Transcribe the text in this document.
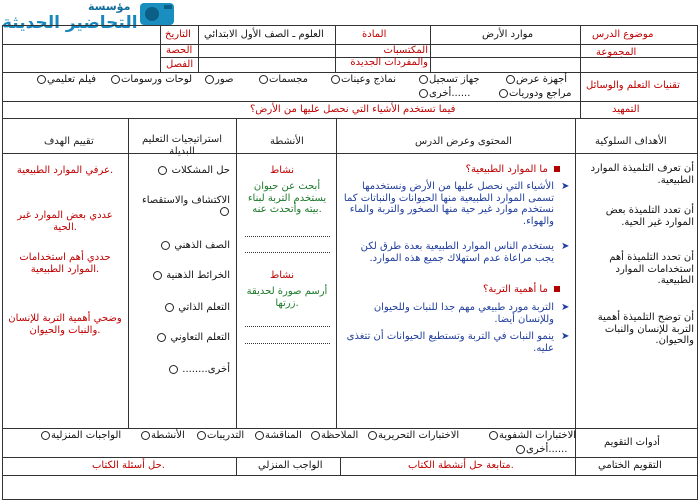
مؤسسة
التحاضير الحديثة
موضوع الدرس
موارد الأرض
المادة
العلوم ـ الصف الأول الابتدائي
التاريخ
المجموعة
المكتسبات والمفردات الجديدة
الحصة
الفصل
تقنيات التعلم والوسائل
أجهزة عرض
جهاز تسجيل
نماذج وعينات
مجسمات
صور
لوحات ورسومات
فيلم تعليمي
مراجع ودوريات
أخرى......
التمهيد
فيما تستخدم الأشياء التي نحصل عليها من الأرض؟
الأهداف السلوكية
المحتوى وعرض الدرس
الأنشطة
استراتيجيات التعليم البديلة
تقييم الهدف
أن تعرف التلميذة الموارد الطبيعية.
أن تعدد التلميذة بعض الموارد غير الحية.
أن تحدد التلميذة أهم استخدامات الموارد الطبيعية.
أن توضح التلميذة أهمية التربة للإنسان والنبات والحيوان.
ما الموارد الطبيعية؟
الأشياء التي نحصل عليها من الأرض ونستخدمها تسمى الموارد الطبيعية منها الحيوانات والنباتات كما نستخدم موارد غير حية منها الصخور والتربة والماء والهواء.
➤
يستخدم الناس الموارد الطبيعية بعدة طرق لكن يجب مراعاة عدم استهلاك جميع هذه الموارد.
➤
ما أهمية التربة؟
التربة مورد طبيعي مهم جدا للنبات وللحيوان وللإنسان أيضا.
➤
ينمو النبات في التربة وتستطيع الحيوانات أن تتغذى عليه.
➤
نشاط
أبحث عن حيوان يستخدم التربة لبناء بيته وأتحدث عنه.
نشاط
أرسم صورة لحديقة زرتها.
حل المشكلات
الاكتشاف والاستقصاء
الصف الذهني
الخرائط الذهنية
التعلم الذاتي
التعلم التعاوني
أخرى........
عرفي الموارد الطبيعية.
عددي بعض الموارد غير الحية.
حددي أهم استخدامات الموارد الطبيعية.
وضحي أهمية التربة للإنسان والنبات والحيوان.
أدوات التقويم
الاختبارات الشفوية
الاختبارات التحريرية
الملاحظة
المناقشة
التدريبات
الأنشطة
الواجبات المنزلية
أخرى......
التقويم الختامي
متابعة حل أنشطة الكتاب.
الواجب المنزلي
حل أسئلة الكتاب.
